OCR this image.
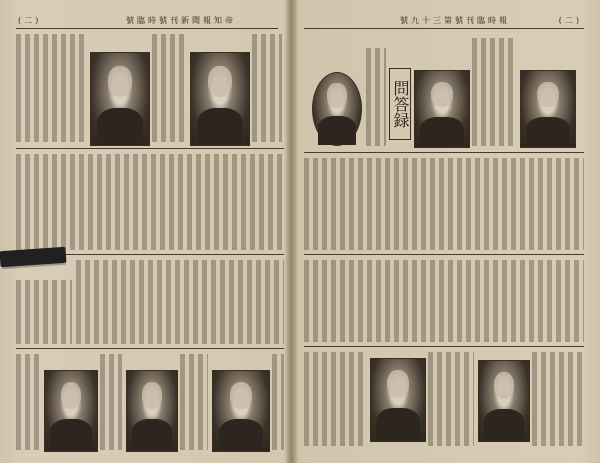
(二)	號臨時號刊新聞報知帝	號九十三第號刊臨時報	(二)
問答録
